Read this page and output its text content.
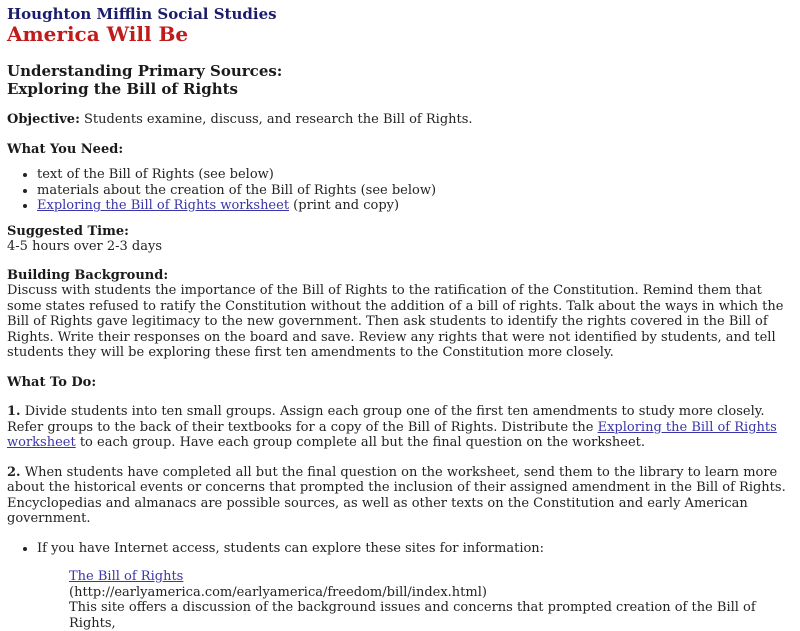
Houghton Mifflin Social Studies
America Will Be
Understanding Primary Sources:
Exploring the Bill of Rights

Objective: Students examine, discuss, and research the Bill of Rights.

What You Need:

• text of the Bill of Rights (see below)
• materials about the creation of the Bill of Rights (see below)
• Exploring the Bill of Rights worksheet (print and copy)
Suggested Time:
4-5 hours over 2-3 days
Building Background:
Discuss with students the importance of the Bill of Rights to the ratification of the Constitution. Remind them that some states refused to ratify the Constitution without the addition of a bill of rights. Talk about the ways in which the Bill of Rights gave legitimacy to the new government. Then ask students to identify the rights covered in the Bill of Rights. Write their responses on the board and save. Review any rights that were not identified by students, and tell students they will be exploring these first ten amendments to the Constitution more closely.

What To Do:

1. Divide students into ten small groups. Assign each group one of the first ten amendments to study more closely. Refer groups to the back of their textbooks for a copy of the Bill of Rights. Distribute the Exploring the Bill of Rights worksheet to each group. Have each group complete all but the final question on the worksheet.

2. When students have completed all but the final question on the worksheet, send them to the library to learn more about the historical events or concerns that prompted the inclusion of their assigned amendment in the Bill of Rights. Encyclopedias and almanacs are possible sources, as well as other texts on the Constitution and early American government.

• If you have Internet access, students can explore these sites for information:
The Bill of Rights
(http://earlyamerica.com/earlyamerica/freedom/bill/index.html)
This site offers a discussion of the background issues and concerns that prompted creation of the Bill of Rights,
